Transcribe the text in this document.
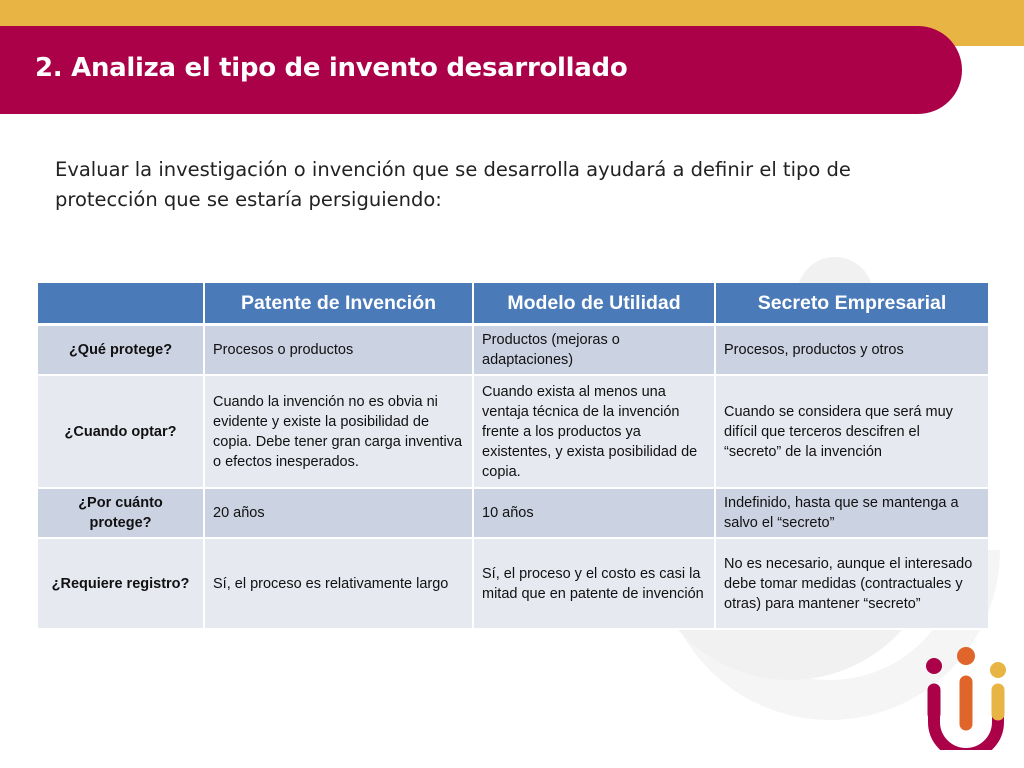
2. Analiza el tipo de invento desarrollado

Evaluar la investigación o invención que se desarrolla ayudará a definir el tipo de protección que se estaría persiguiendo:

	Patente de Invención	Modelo de Utilidad	Secreto Empresarial
¿Qué protege?	Procesos o productos	Productos (mejoras o adaptaciones)	Procesos, productos y otros
¿Cuando optar?	Cuando la invención no es obvia ni evidente y existe la posibilidad de copia. Debe tener gran carga inventiva o efectos inesperados.	Cuando exista al menos una ventaja técnica de la invención frente a los productos ya existentes, y exista posibilidad de copia.	Cuando se considera que será muy difícil que terceros descifren el “secreto” de la invención
¿Por cuánto protege?	20 años	10 años	Indefinido, hasta que se mantenga a salvo el “secreto”
¿Requiere registro?	Sí, el proceso es relativamente largo	Sí, el proceso y el costo es casi la mitad que en patente de invención	No es necesario, aunque el interesado debe tomar medidas (contractuales y otras) para mantener “secreto”
